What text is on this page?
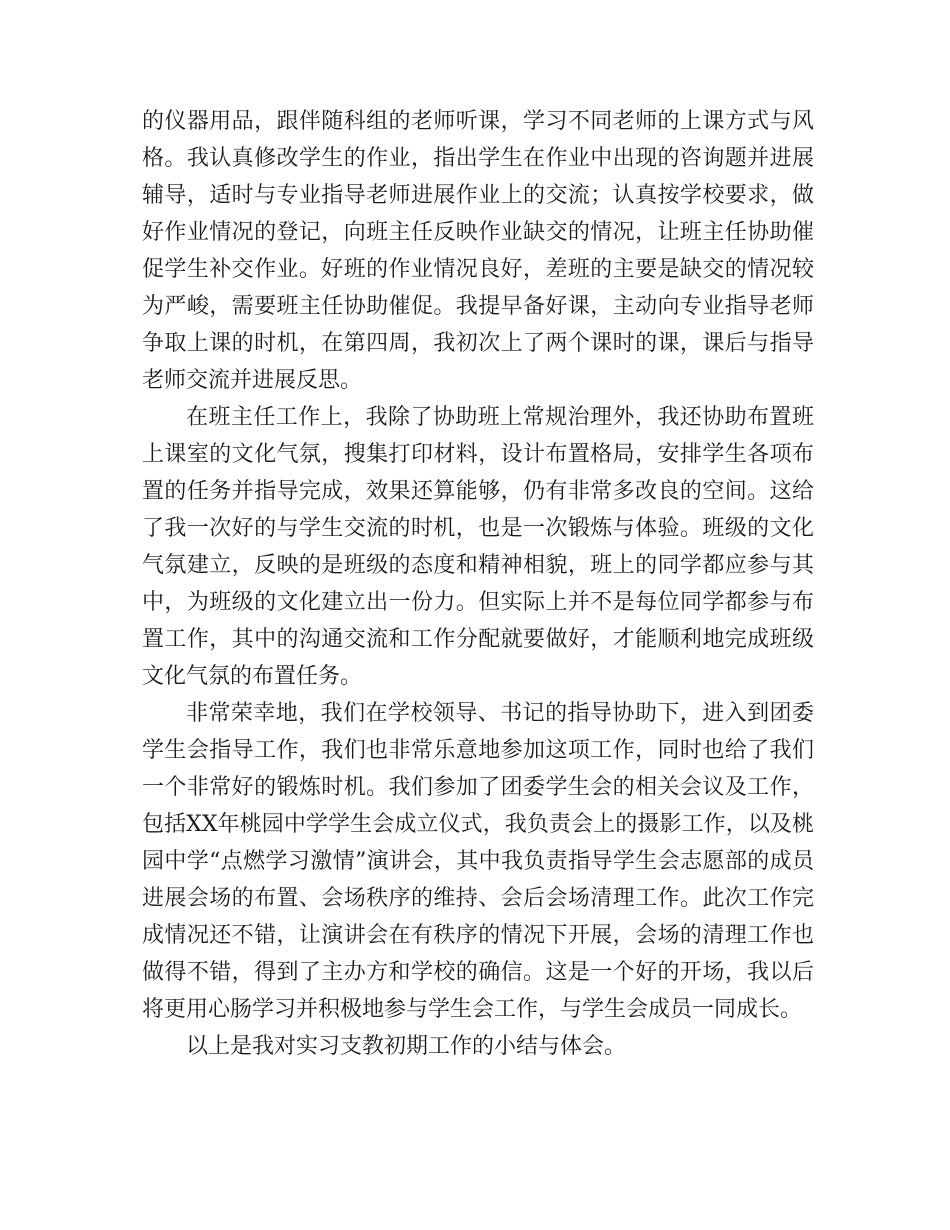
的仪器用品，跟伴随科组的老师听课，学习不同老师的上课方式与风格。我认真修改学生的作业，指出学生在作业中出现的咨询题并进展辅导，适时与专业指导老师进展作业上的交流；认真按学校要求，做好作业情况的登记，向班主任反映作业缺交的情况，让班主任协助催促学生补交作业。好班的作业情况良好，差班的主要是缺交的情况较为严峻，需要班主任协助催促。我提早备好课，主动向专业指导老师争取上课的时机，在第四周，我初次上了两个课时的课，课后与指导老师交流并进展反思。

在班主任工作上，我除了协助班上常规治理外，我还协助布置班上课室的文化气氛，搜集打印材料，设计布置格局，安排学生各项布置的任务并指导完成，效果还算能够，仍有非常多改良的空间。这给了我一次好的与学生交流的时机，也是一次锻炼与体验。班级的文化气氛建立，反映的是班级的态度和精神相貌，班上的同学都应参与其中，为班级的文化建立出一份力。但实际上并不是每位同学都参与布置工作，其中的沟通交流和工作分配就要做好，才能顺利地完成班级文化气氛的布置任务。

非常荣幸地，我们在学校领导、书记的指导协助下，进入到团委学生会指导工作，我们也非常乐意地参加这项工作，同时也给了我们一个非常好的锻炼时机。我们参加了团委学生会的相关会议及工作，包括XX年桃园中学学生会成立仪式，我负责会上的摄影工作，以及桃园中学“点燃学习激情”演讲会，其中我负责指导学生会志愿部的成员进展会场的布置、会场秩序的维持、会后会场清理工作。此次工作完成情况还不错，让演讲会在有秩序的情况下开展，会场的清理工作也做得不错，得到了主办方和学校的确信。这是一个好的开场，我以后将更用心肠学习并积极地参与学生会工作，与学生会成员一同成长。

以上是我对实习支教初期工作的小结与体会。
